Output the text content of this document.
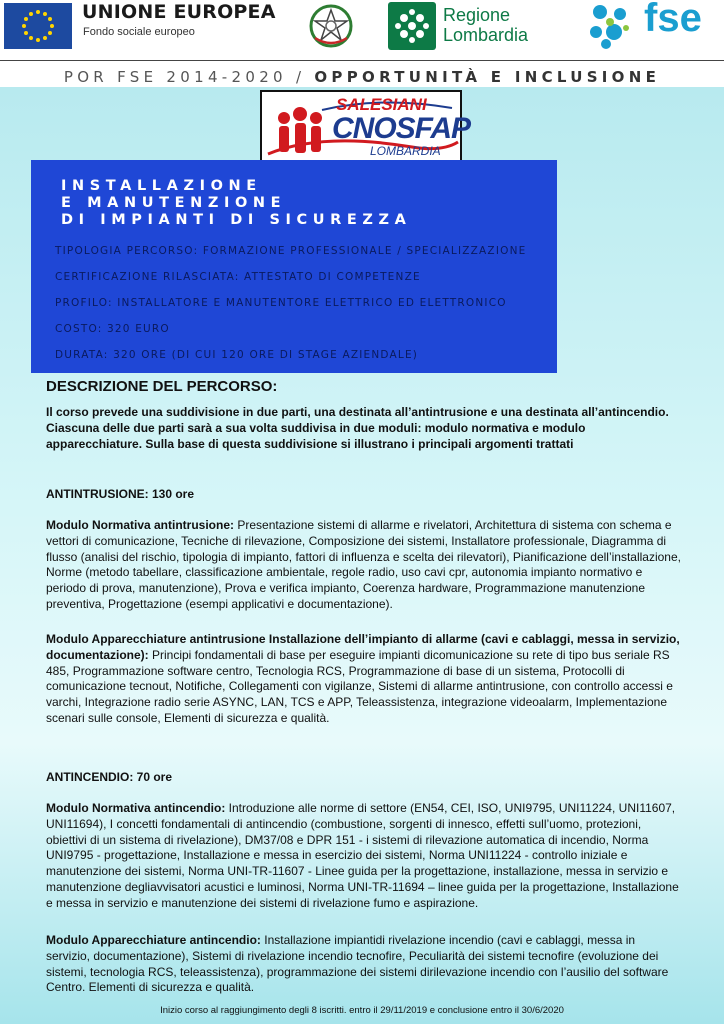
UNIONE EUROPEA
Fondo sociale europeo
Regione
Lombardia	fse
POR FSE 2014-2020 / OPPORTUNITÀ E INCLUSIONE
SALESIANI
CNOSFAP
LOMBARDIA
INSTALLAZIONE
E MANUTENZIONE
DI IMPIANTI DI SICUREZZA
TIPOLOGIA PERCORSO: FORMAZIONE PROFESSIONALE / SPECIALIZZAZIONE
CERTIFICAZIONE RILASCIATA: ATTESTATO DI COMPETENZE
PROFILO: INSTALLATORE E MANUTENTORE ELETTRICO ED ELETTRONICO
COSTO: 320 EURO
DURATA: 320 ORE (DI CUI 120 ORE DI STAGE AZIENDALE)
DESCRIZIONE DEL PERCORSO:
Il corso prevede una suddivisione in due parti, una destinata all’antintrusione e una destinata all’antincendio. Ciascuna delle due parti sarà a sua volta suddivisa in due moduli: modulo normativa e modulo apparecchiature. Sulla base di questa suddivisione si illustrano i principali argomenti trattati
ANTINTRUSIONE: 130 ore
Modulo Normativa antintrusione: Presentazione sistemi di allarme e rivelatori, Architettura di sistema con schema e vettori di comunicazione, Tecniche di rilevazione, Composizione dei sistemi, Installatore professionale, Diagramma di flusso (analisi del rischio, tipologia di impianto, fattori di influenza e scelta dei rilevatori), Pianificazione dell’installazione, Norme (metodo tabellare, classificazione ambientale, regole radio, uso cavi cpr, autonomia impianto normativo e periodo di prova, manutenzione), Prova e verifica impianto, Coerenza hardware, Programmazione manutenzione preventiva, Progettazione (esempi applicativi e documentazione).
Modulo Apparecchiature antintrusione Installazione dell’impianto di allarme (cavi e cablaggi, messa in servizio, documentazione): Principi fondamentali di base per eseguire impianti dicomunicazione su rete di tipo bus seriale RS 485, Programmazione software centro, Tecnologia RCS, Programmazione di base di un sistema, Protocolli di comunicazione tecnout, Notifiche, Collegamenti con vigilanze, Sistemi di allarme antintrusione, con controllo accessi e varchi, Integrazione radio serie ASYNC, LAN, TCS e APP, Teleassistenza, integrazione videoalarm, Implementazione scenari sulle console, Elementi di sicurezza e qualità.
ANTINCENDIO: 70 ore
Modulo Normativa antincendio: Introduzione alle norme di settore (EN54, CEI, ISO, UNI9795, UNI11224, UNI11607, UNI11694), I concetti fondamentali di antincendio (combustione, sorgenti di innesco, effetti sull’uomo, protezioni, obiettivi di un sistema di rivelazione), DM37/08 e DPR 151 - i sistemi di rilevazione automatica di incendio, Norma UNI9795 - progettazione, Installazione e messa in esercizio dei sistemi, Norma UNI11224 - controllo iniziale e manutenzione dei sistemi, Norma UNI-TR-11607 - Linee guida per la progettazione, installazione, messa in servizio e manutenzione degliavvisatori acustici e luminosi, Norma UNI-TR-11694 – linee guida per la progettazione, Installazione e messa in servizio e manutenzione dei sistemi di rivelazione fumo e aspirazione.
Modulo Apparecchiature antincendio: Installazione impiantidi rivelazione incendio (cavi e cablaggi, messa in servizio, documentazione), Sistemi di rivelazione incendio tecnofire, Peculiarità dei sistemi tecnofire (evoluzione dei sistemi, tecnologia RCS, teleassistenza), programmazione dei sistemi dirilevazione incendio con l’ausilio del software Centro. Elementi di sicurezza e qualità.
Inizio corso al raggiungimento degli 8 iscritti. entro il 29/11/2019 e conclusione entro il 30/6/2020
